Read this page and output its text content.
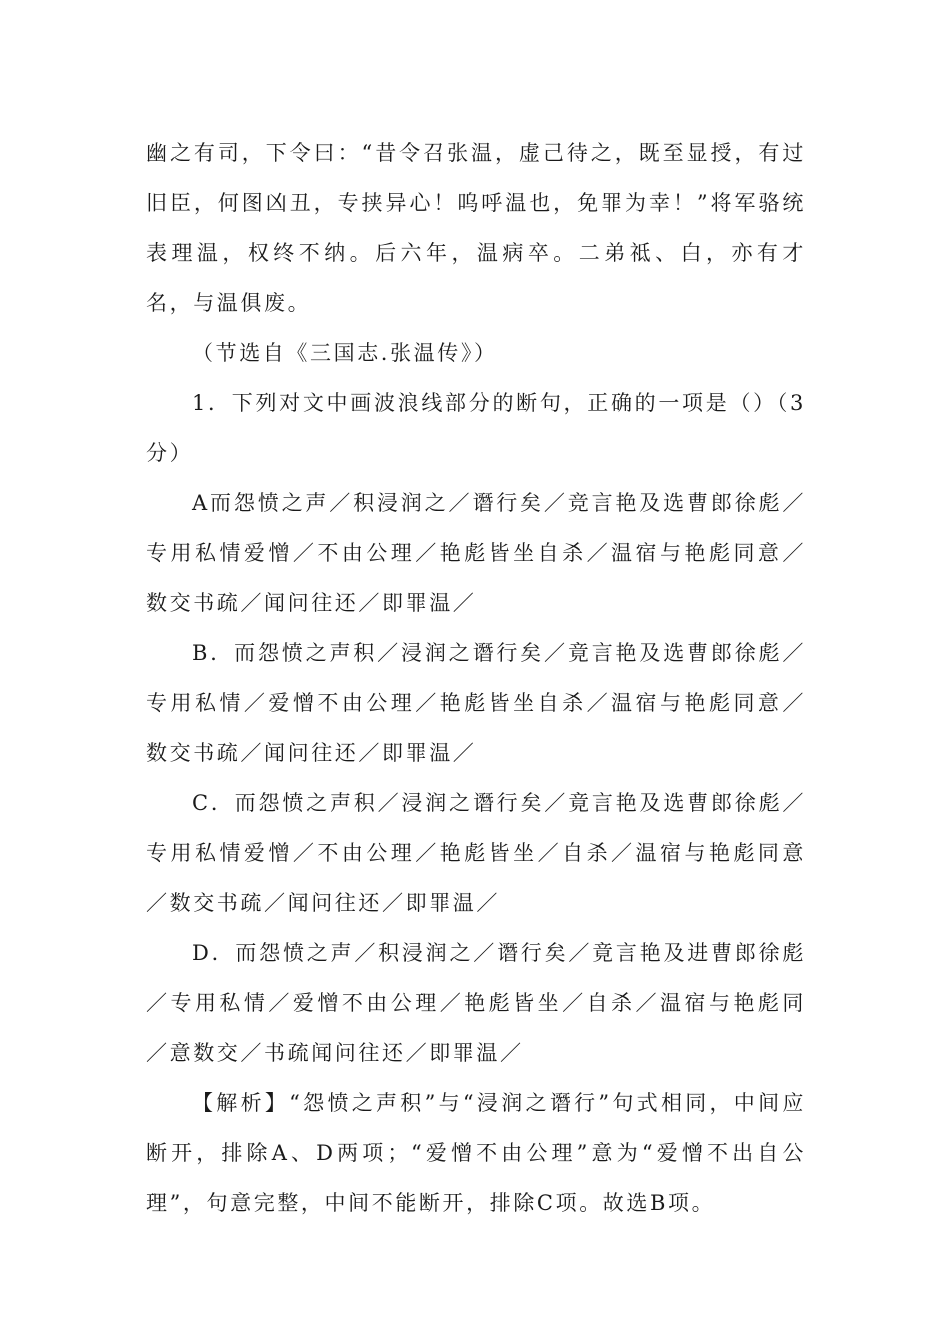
幽之有司，下令曰：“昔令召张温，虚己待之，既至显授，有过旧臣，何图凶丑，专挟异心！呜呼温也，免罪为幸！”将军骆统表理温，权终不纳。后六年，温病卒。二弟祗、白，亦有才名，与温俱废。

（节选自《三国志.张温传》）

1．下列对文中画波浪线部分的断句，正确的一项是（）（3分）

A而怨愤之声／积浸润之／谮行矣／竞言艳及选曹郎徐彪／专用私情爱憎／不由公理／艳彪皆坐自杀／温宿与艳彪同意／数交书疏／闻问往还／即罪温／

B．而怨愤之声积／浸润之谮行矣／竟言艳及选曹郎徐彪／专用私情／爱憎不由公理／艳彪皆坐自杀／温宿与艳彪同意／数交书疏／闻问往还／即罪温／

C．而怨愤之声积／浸润之谮行矣／竟言艳及选曹郎徐彪／专用私情爱憎／不由公理／艳彪皆坐／自杀／温宿与艳彪同意／数交书疏／闻问往还／即罪温／

D．而怨愤之声／积浸润之／谮行矣／竟言艳及进曹郎徐彪／专用私情／爱憎不由公理／艳彪皆坐／自杀／温宿与艳彪同／意数交／书疏闻问往还／即罪温／

【解析】“怨愤之声积”与“浸润之谮行”句式相同，中间应断开，排除A、D两项；“爱憎不由公理”意为“爱憎不出自公理”，句意完整，中间不能断开，排除C项。故选B项。
